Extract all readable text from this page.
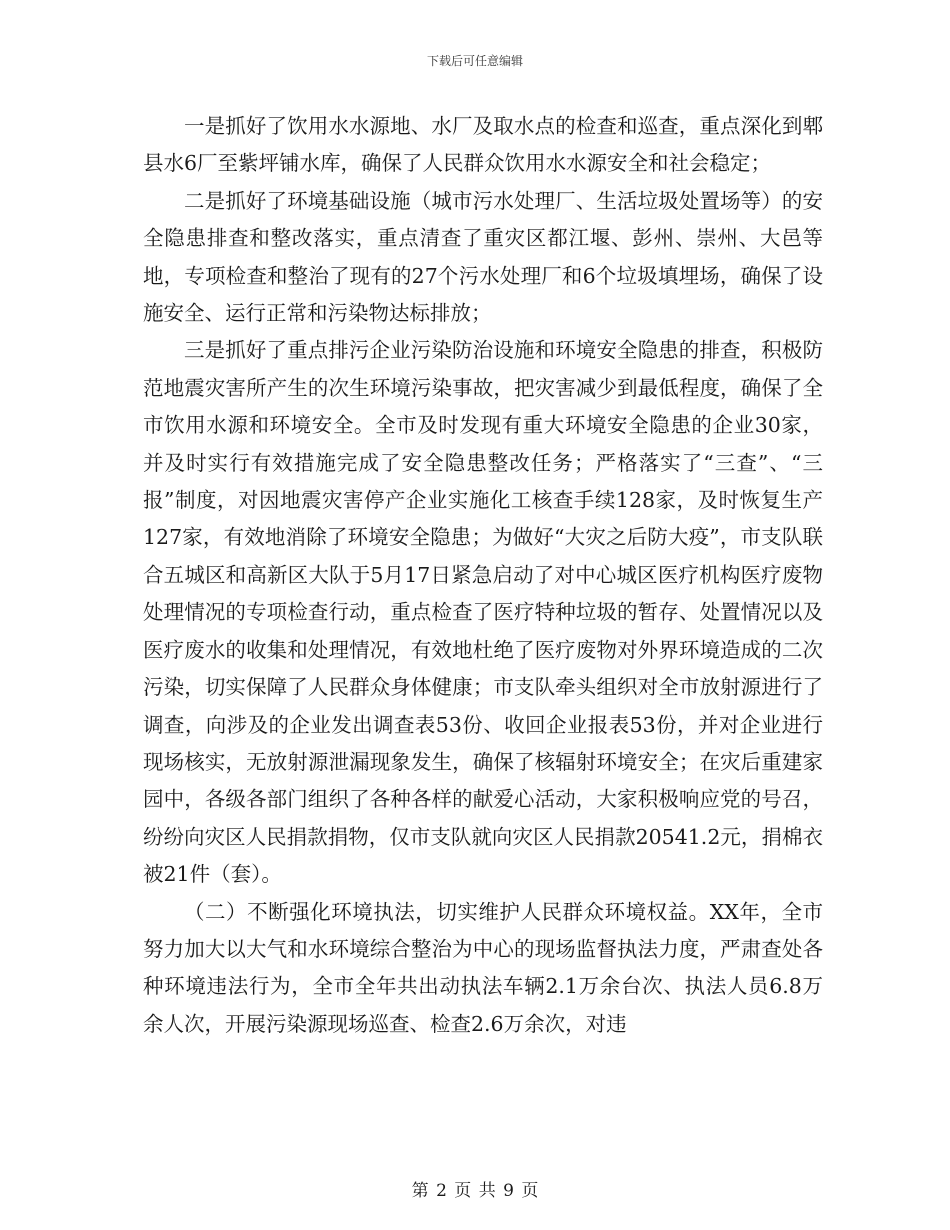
下载后可任意编辑

一是抓好了饮用水水源地、水厂及取水点的检查和巡查，重点深化到郫县水6厂至紫坪铺水库，确保了人民群众饮用水水源安全和社会稳定；

二是抓好了环境基础设施（城市污水处理厂、生活垃圾处置场等）的安全隐患排查和整改落实，重点清查了重灾区都江堰、彭州、崇州、大邑等地，专项检查和整治了现有的27个污水处理厂和6个垃圾填埋场，确保了设施安全、运行正常和污染物达标排放；

三是抓好了重点排污企业污染防治设施和环境安全隐患的排查，积极防范地震灾害所产生的次生环境污染事故，把灾害减少到最低程度，确保了全市饮用水源和环境安全。全市及时发现有重大环境安全隐患的企业30家，并及时实行有效措施完成了安全隐患整改任务；严格落实了“三查”、“三报”制度，对因地震灾害停产企业实施化工核查手续128家，及时恢复生产127家，有效地消除了环境安全隐患；为做好“大灾之后防大疫”，市支队联合五城区和高新区大队于5月17日紧急启动了对中心城区医疗机构医疗废物处理情况的专项检查行动，重点检查了医疗特种垃圾的暂存、处置情况以及医疗废水的收集和处理情况，有效地杜绝了医疗废物对外界环境造成的二次污染，切实保障了人民群众身体健康；市支队牵头组织对全市放射源进行了调查，向涉及的企业发出调查表53份、收回企业报表53份，并对企业进行现场核实，无放射源泄漏现象发生，确保了核辐射环境安全；在灾后重建家园中，各级各部门组织了各种各样的献爱心活动，大家积极响应党的号召，纷纷向灾区人民捐款捐物，仅市支队就向灾区人民捐款20541.2元，捐棉衣被21件（套）。

（二）不断强化环境执法，切实维护人民群众环境权益。XX年，全市努力加大以大气和水环境综合整治为中心的现场监督执法力度，严肃查处各种环境违法行为，全市全年共出动执法车辆2.1万余台次、执法人员6.8万余人次，开展污染源现场巡查、检查2.6万余次，对违

第 2 页 共 9 页
